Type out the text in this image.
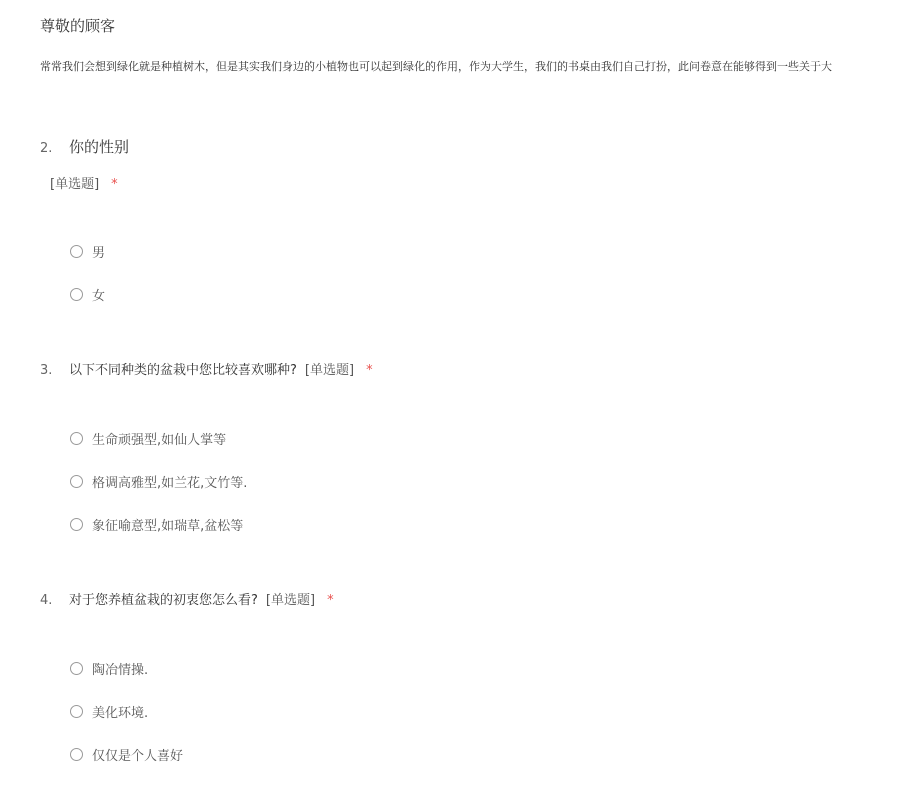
尊敬的顾客
常常我们会想到绿化就是种植树木，但是其实我们身边的小植物也可以起到绿化的作用，作为大学生，我们的书桌由我们自己打扮，此问卷意在能够得到一些关于大
2. 你的性别
[单选题] *
男
女
3. 以下不同种类的盆栽中您比较喜欢哪种? [单选题] *
生命顽强型,如仙人掌等
格调高雅型,如兰花,文竹等.
象征喻意型,如瑞草,盆松等
4. 对于您养植盆栽的初衷您怎么看? [单选题] *
陶冶情操.
美化环境.
仅仅是个人喜好
